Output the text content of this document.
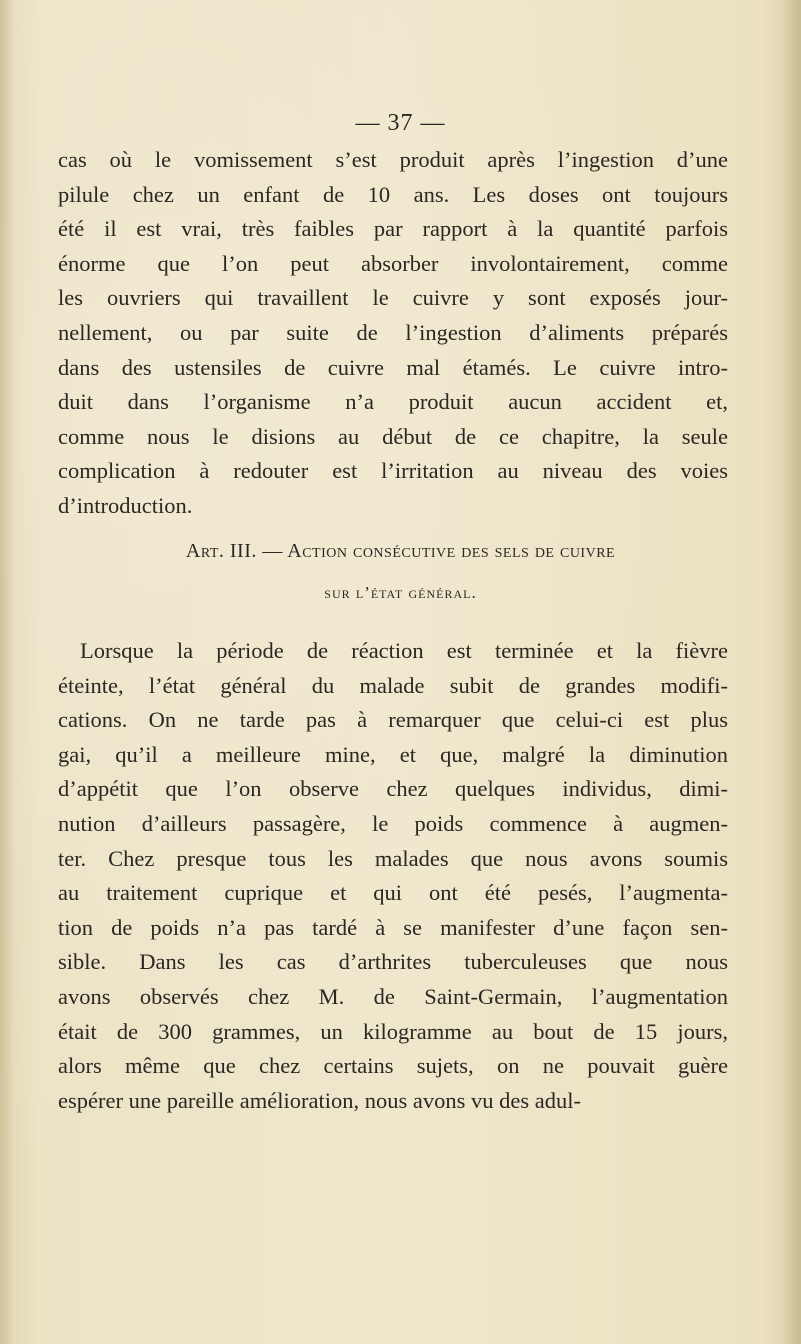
— 37 —
cas où le vomissement s’est produit après l’ingestion d’une
pilule chez un enfant de 10 ans. Les doses ont toujours
été il est vrai, très faibles par rapport à la quantité parfois
énorme que l’on peut absorber involontairement, comme
les ouvriers qui travaillent le cuivre y sont exposés jour-
nellement, ou par suite de l’ingestion d’aliments préparés
dans des ustensiles de cuivre mal étamés. Le cuivre intro-
duit dans l’organisme n’a produit aucun accident et,
comme nous le disions au début de ce chapitre, la seule
complication à redouter est l’irritation au niveau des voies
d’introduction.
Art. III. — Action consécutive des sels de cuivre
sur l’état général.
Lorsque la période de réaction est terminée et la fièvre
éteinte, l’état général du malade subit de grandes modifi-
cations. On ne tarde pas à remarquer que celui-ci est plus
gai, qu’il a meilleure mine, et que, malgré la diminution
d’appétit que l’on observe chez quelques individus, dimi-
nution d’ailleurs passagère, le poids commence à augmen-
ter. Chez presque tous les malades que nous avons soumis
au traitement cuprique et qui ont été pesés, l’augmenta-
tion de poids n’a pas tardé à se manifester d’une façon sen-
sible. Dans les cas d’arthrites tuberculeuses que nous
avons observés chez M. de Saint-Germain, l’augmentation
était de 300 grammes, un kilogramme au bout de 15 jours,
alors même que chez certains sujets, on ne pouvait guère
espérer une pareille amélioration, nous avons vu des adul-
